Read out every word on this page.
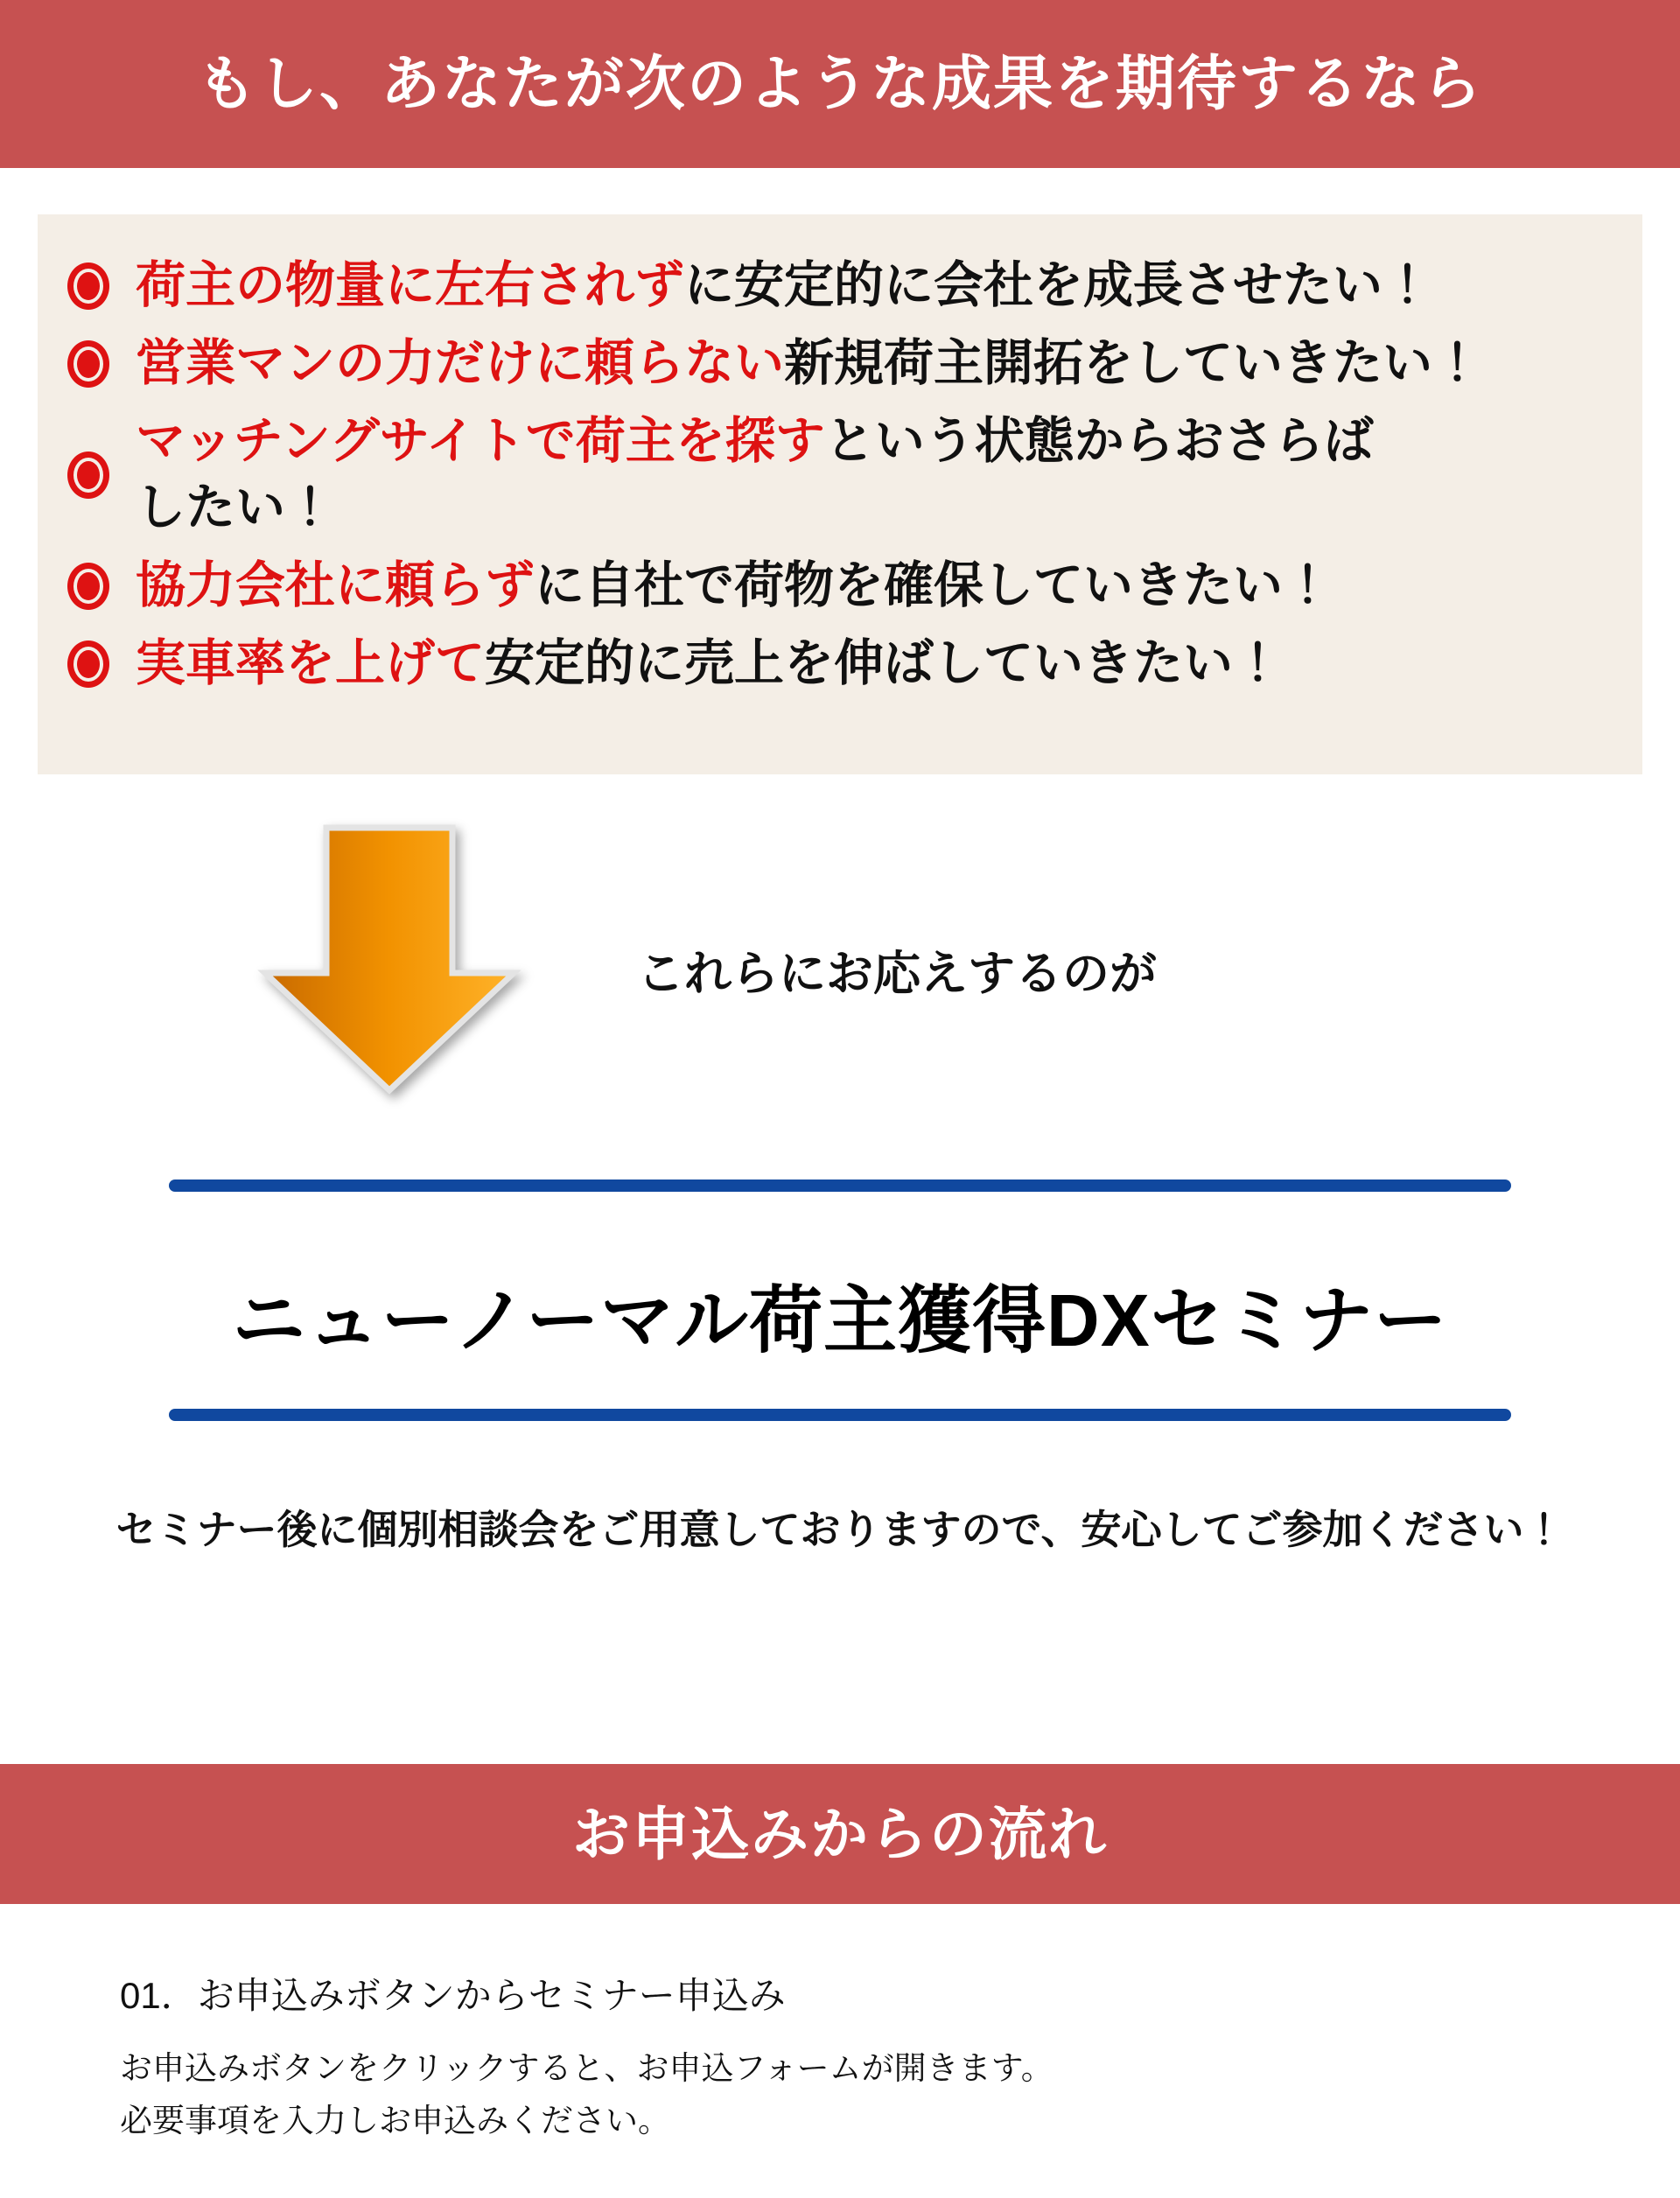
もし、あなたが次のような成果を期待するなら
荷主の物量に左右されずに安定的に会社を成長させたい！
営業マンの力だけに頼らない新規荷主開拓をしていきたい！
マッチングサイトで荷主を探すという状態からおさらば
したい！
協力会社に頼らずに自社で荷物を確保していきたい！
実車率を上げて安定的に売上を伸ばしていきたい！
これらにお応えするのが
ニューノーマル荷主獲得DXセミナー
セミナー後に個別相談会をご用意しておりますので、安心してご参加ください！
お申込みからの流れ

01．お申込みボタンからセミナー申込み

お申込みボタンをクリックすると、お申込フォームが開きます。

必要事項を入力しお申込みください。
